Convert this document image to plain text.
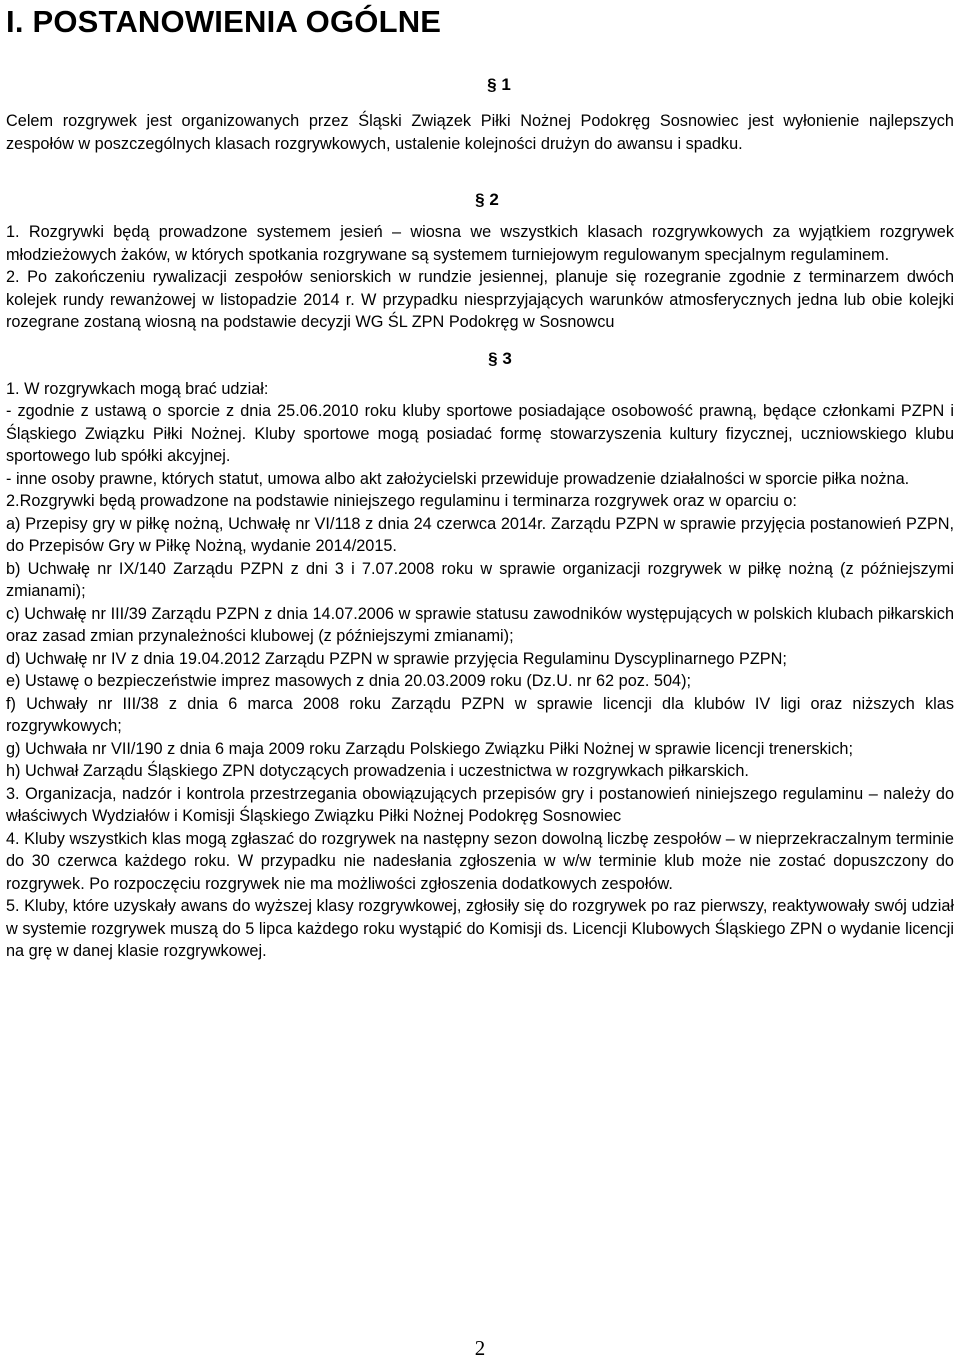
I. POSTANOWIENIA OGÓLNE
§ 1

Celem rozgrywek jest organizowanych przez Śląski Związek Piłki Nożnej Podokręg Sosnowiec jest wyłonienie najlepszych zespołów w poszczególnych klasach rozgrywkowych, ustalenie kolejności drużyn do awansu i spadku.

§ 2

1. Rozgrywki będą prowadzone systemem jesień – wiosna we wszystkich klasach rozgrywkowych za wyjątkiem rozgrywek młodzieżowych żaków, w których spotkania rozgrywane są systemem turniejowym regulowanym specjalnym regulaminem.

2. Po zakończeniu rywalizacji zespołów seniorskich w rundzie jesiennej, planuje się rozegranie zgodnie z terminarzem dwóch kolejek rundy rewanżowej w listopadzie 2014 r. W przypadku niesprzyjających warunków atmosferycznych jedna lub obie kolejki rozegrane zostaną wiosną na podstawie decyzji WG ŚL ZPN Podokręg w Sosnowcu

§ 3

1. W rozgrywkach mogą brać udział:

- zgodnie z ustawą o sporcie z dnia 25.06.2010 roku kluby sportowe posiadające osobowość prawną, będące członkami PZPN i Śląskiego Związku Piłki Nożnej. Kluby sportowe mogą posiadać formę stowarzyszenia kultury fizycznej, uczniowskiego klubu sportowego lub spółki akcyjnej.

- inne osoby prawne, których statut, umowa albo akt założycielski przewiduje prowadzenie działalności w sporcie piłka nożna.

2.Rozgrywki będą prowadzone na podstawie niniejszego regulaminu i terminarza rozgrywek oraz w oparciu o:

a) Przepisy gry w piłkę nożną, Uchwałę nr VI/118 z dnia 24 czerwca 2014r. Zarządu PZPN w sprawie przyjęcia postanowień PZPN, do Przepisów Gry w Piłkę Nożną, wydanie 2014/2015.

b) Uchwałę nr IX/140 Zarządu PZPN z dni 3 i 7.07.2008 roku w sprawie organizacji rozgrywek w piłkę nożną (z późniejszymi zmianami);

c) Uchwałę nr III/39 Zarządu PZPN z dnia 14.07.2006 w sprawie statusu zawodników występujących w polskich klubach piłkarskich oraz zasad zmian przynależności klubowej (z późniejszymi zmianami);

d) Uchwałę nr IV z dnia 19.04.2012 Zarządu PZPN w sprawie przyjęcia Regulaminu Dyscyplinarnego PZPN;

e) Ustawę o bezpieczeństwie imprez masowych z dnia 20.03.2009 roku (Dz.U. nr 62 poz. 504);

f) Uchwały nr III/38 z dnia 6 marca 2008 roku Zarządu PZPN w sprawie licencji dla klubów IV ligi oraz niższych klas rozgrywkowych;

g) Uchwała nr VII/190 z dnia 6 maja 2009 roku Zarządu Polskiego Związku Piłki Nożnej w sprawie licencji trenerskich;

h) Uchwał Zarządu Śląskiego ZPN dotyczących prowadzenia i uczestnictwa w rozgrywkach piłkarskich.

3. Organizacja, nadzór i kontrola przestrzegania obowiązujących przepisów gry i postanowień niniejszego regulaminu – należy do właściwych Wydziałów i Komisji Śląskiego Związku Piłki Nożnej Podokręg Sosnowiec

4. Kluby wszystkich klas mogą zgłaszać do rozgrywek na następny sezon dowolną liczbę zespołów – w nieprzekraczalnym terminie do 30 czerwca każdego roku. W przypadku nie nadesłania zgłoszenia w w/w terminie klub może nie zostać dopuszczony do rozgrywek. Po rozpoczęciu rozgrywek nie ma możliwości zgłoszenia dodatkowych zespołów.

5. Kluby, które uzyskały awans do wyższej klasy rozgrywkowej, zgłosiły się do rozgrywek po raz pierwszy, reaktywowały swój udział w systemie rozgrywek muszą do 5 lipca każdego roku wystąpić do Komisji ds. Licencji Klubowych Śląskiego ZPN o wydanie licencji na grę w danej klasie rozgrywkowej.

2
